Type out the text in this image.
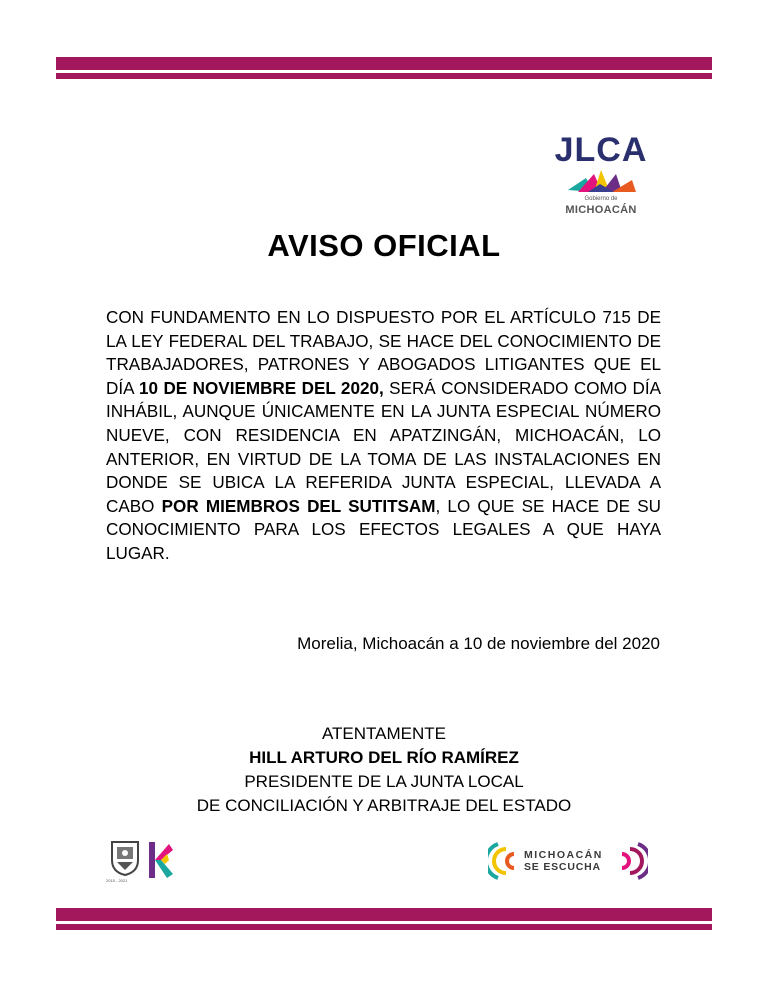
JLCA
Gobierno de
MICHOACÁN
AVISO OFICIAL
CON FUNDAMENTO EN LO DISPUESTO POR EL ARTÍCULO 715 DE LA LEY FEDERAL DEL TRABAJO, SE HACE DEL CONOCIMIENTO DE TRABAJADORES, PATRONES Y ABOGADOS LITIGANTES QUE EL DÍA 10 DE NOVIEMBRE DEL 2020, SERÁ CONSIDERADO COMO DÍA INHÁBIL, AUNQUE ÚNICAMENTE EN LA JUNTA ESPECIAL NÚMERO NUEVE, CON RESIDENCIA EN APATZINGÁN, MICHOACÁN, LO ANTERIOR, EN VIRTUD DE LA TOMA DE LAS INSTALACIONES EN DONDE SE UBICA LA REFERIDA JUNTA ESPECIAL, LLEVADA A CABO POR MIEMBROS DEL SUTITSAM, LO QUE SE HACE DE SU CONOCIMIENTO PARA LOS EFECTOS LEGALES A QUE HAYA LUGAR.
Morelia, Michoacán a 10 de noviembre del 2020
ATENTAMENTE
HILL ARTURO DEL RÍO RAMÍREZ
PRESIDENTE DE LA JUNTA LOCAL
DE CONCILIACIÓN Y ARBITRAJE DEL ESTADO
2015 - 2021
MICHOACÁN
SE ESCUCHA
